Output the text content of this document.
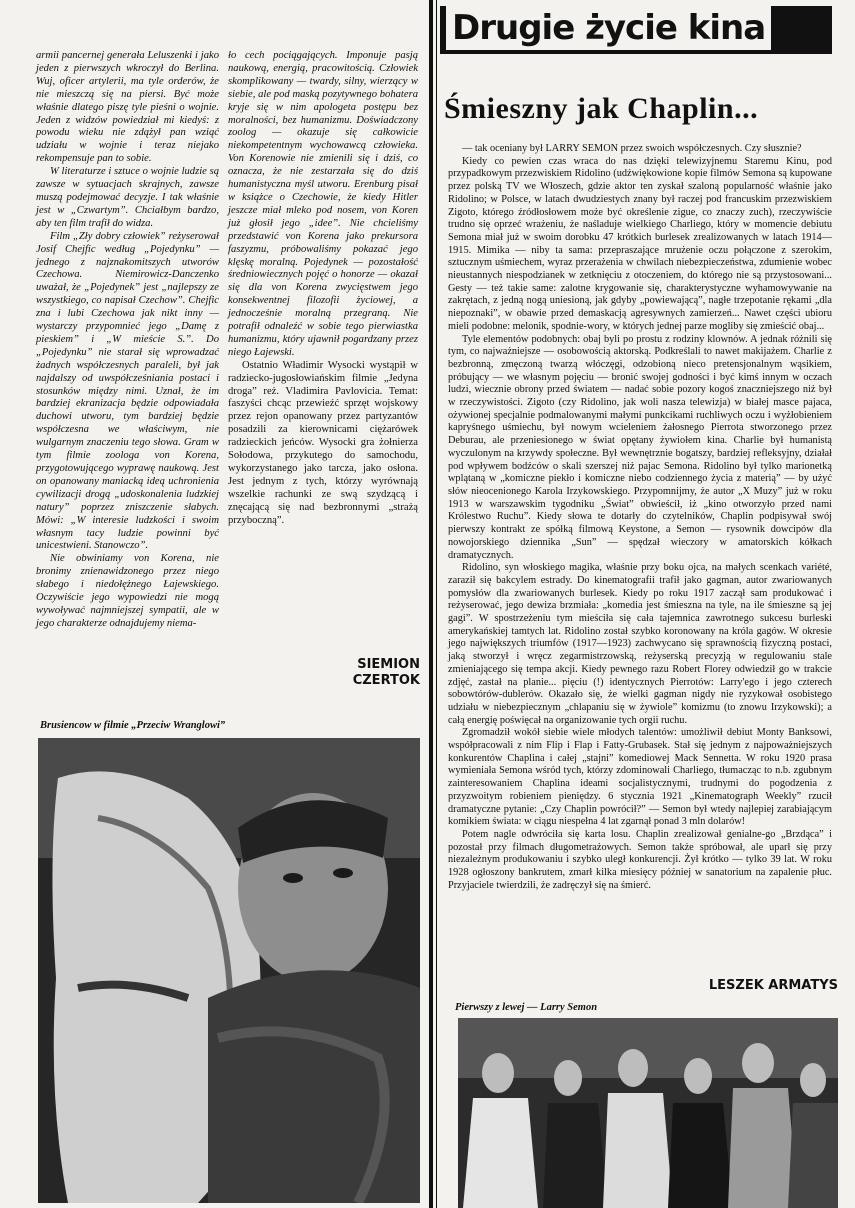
armii pancernej generała Leluszenki i jako jeden z pierwszych wkroczył do Berlina. Wuj, oficer artylerii, ma tyle orderów, że nie mieszczą się na piersi. Być może właśnie dlatego piszę tyle pieśni o wojnie. Jeden z widzów powiedział mi kiedyś: z powodu wieku nie zdążył pan wziąć udziału w wojnie i teraz niejako rekompensuje pan to sobie.

W literaturze i sztuce o wojnie ludzie są zawsze w sytuacjach skrajnych, zawsze muszą podejmować decyzje. I tak właśnie jest w „Czwartym”. Chciałbym bardzo, aby ten film trafił do widza.

Film „Zły dobry człowiek” reżyserował Josif Chejfic według „Pojedynku” — jednego z najznakomitszych utworów Czechowa. Niemirowicz-Danczenko uważał, że „Pojedynek” jest „najlepszy ze wszystkiego, co napisał Czechow”. Chejfic zna i lubi Czechowa jak nikt inny — wystarczy przypomnieć jego „Damę z pieskiem” i „W mieście S.”. Do „Pojedynku” nie starał się wprowadzać żadnych współczesnych paraleli, był jak najdalszy od uwspółcześniania postaci i stosunków między nimi. Uznał, że im bardziej ekranizacja będzie odpowiadała duchowi utworu, tym bardziej będzie współczesna we właściwym, nie wulgarnym znaczeniu tego słowa. Gram w tym filmie zoologa von Korena, przygotowującego wyprawę naukową. Jest on opanowany maniacką ideą uchronienia cywilizacji drogą „udoskonalenia ludzkiej natury” poprzez zniszczenie słabych. Mówi: „W interesie ludzkości i swoim własnym tacy ludzie powinni być unicestwieni. Stanowczo”.

Nie obwiniamy von Korena, nie bronimy znienawidzonego przez niego słabego i niedołężnego Łajewskiego. Oczywiście jego wypowiedzi nie mogą wywoływać najmniejszej sympatii, ale w jego charakterze odnajdujemy niema-

ło cech pociągających. Imponuje pasją naukową, energią, pracowitością. Człowiek skomplikowany — twardy, silny, wierzący w siebie, ale pod maską pozytywnego bohatera kryje się w nim apologeta postępu bez moralności, bez humanizmu. Doświadczony zoolog — okazuje się całkowicie niekompetentnym wychowawcą człowieka. Von Korenowie nie zmienili się i dziś, co oznacza, że nie zestarzała się do dziś humanistyczna myśl utworu. Erenburg pisał w książce o Czechowie, że kiedy Hitler jeszcze miał mleko pod nosem, von Koren już głosił jego „idee”. Nie chcieliśmy przedstawić von Korena jako prekursora faszyzmu, próbowaliśmy pokazać jego klęskę moralną. Pojedynek — pozostałość średniowiecznych pojęć o honorze — okazał się dla von Korena zwycięstwem jego konsekwentnej filozofii życiowej, a jednocześnie moralną przegraną. Nie potrafił odnaleźć w sobie tego pierwiastka humanizmu, który ujawnił pogardzany przez niego Łajewski.

Ostatnio Władimir Wysocki wystąpił w radziecko-jugosłowiańskim filmie „Jedyna droga” reż. Vladimira Pavlovicia. Temat: faszyści chcąc przewieźć sprzęt wojskowy przez rejon opanowany przez partyzantów posadzili za kierownicami ciężarówek radzieckich jeńców. Wysocki gra żołnierza Sołodowa, przykutego do samochodu, wykorzystanego jako tarcza, jako osłona. Jest jednym z tych, którzy wyrównają wszelkie rachunki ze swą szydzącą i znęcającą się nad bezbronnymi „strażą przyboczną”.

SIEMION
CZERTOK
Brusiencow w filmie „Przeciw Wranglowi”
Drugie życie kina
Śmieszny jak Chaplin...

— tak oceniany był LARRY SEMON przez swoich współczesnych. Czy słusznie?

Kiedy co pewien czas wraca do nas dzięki telewizyjnemu Staremu Kinu, pod przypadkowym przezwiskiem Ridolino (udźwiękowione kopie filmów Semona są kupowane przez polską TV we Włoszech, gdzie aktor ten zyskał szaloną popularność właśnie jako Ridolino; w Polsce, w latach dwudziestych znany był raczej pod francuskim przezwiskiem Zigoto, którego źródłosłowem może być określenie zigue, co znaczy zuch), rzeczywiście trudno się oprzeć wrażeniu, że naśladuje wielkiego Charliego, który w momencie debiutu Semona miał już w swoim dorobku 47 krótkich burlesek zrealizowanych w latach 1914—1915. Mimika — niby ta sama: przepraszające mrużenie oczu połączone z szerokim, sztucznym uśmiechem, wyraz przerażenia w chwilach niebezpieczeństwa, zdumienie wobec nieustannych niespodzianek w zetknięciu z otoczeniem, do którego nie są przystosowani... Gesty — też takie same: zalotne krygowanie się, charakterystyczne wyhamowywanie na zakrętach, z jedną nogą uniesioną, jak gdyby „powiewającą”, nagłe trzepotanie rękami „dla niepoznaki”, w obawie przed demaskacją agresywnych zamierzeń... Nawet części ubioru mieli podobne: melonik, spodnie-wory, w których jednej parze mogliby się zmieścić obaj...

Tyle elementów podobnych: obaj byli po prostu z rodziny klownów. A jednak różnili się tym, co najważniejsze — osobowością aktorską. Podkreślali to nawet makijażem. Charlie z bezbronną, zmęczoną twarzą włóczęgi, odzobioną nieco pretensjonalnym wąsikiem, próbujący — we własnym pojęciu — bronić swojej godności i być kimś innym w oczach ludzi, wiecznie obrony przed światem — nadać sobie pozory kogoś znaczniejszego niż był w rzeczywistości. Zigoto (czy Ridolino, jak woli nasza telewizja) w białej masce pajaca, ożywionej specjalnie podmalowanymi małymi punkcikami ruchliwych oczu i wyżłobieniem kapryśnego uśmiechu, był nowym wcieleniem żałosnego Pierrota stworzonego przez Deburau, ale przeniesionego w świat opętany żywiołem kina. Charlie był humanistą wyczulonym na krzywdy społeczne. Był wewnętrznie bogatszy, bardziej refleksyjny, działał pod wpływem bodźców o skali szerszej niż pajac Semona. Ridolino był tylko marionetką wplątaną w „komiczne piekło i komiczne niebo codziennego życia z materią” — by użyć słów nieocenionego Karola Irzykowskiego. Przypomnijmy, że autor „X Muzy” już w roku 1913 w warszawskim tygodniku „Świat” obwieścił, iż „kino otworzyło przed nami Królestwo Ruchu”. Kiedy słowa te dotarły do czytelników, Chaplin podpisywał swój pierwszy kontrakt ze spółką filmową Keystone, a Semon — rysownik dowcipów dla nowojorskiego dziennika „Sun” — spędzał wieczory w amatorskich kółkach dramatycznych.

Ridolino, syn włoskiego magika, właśnie przy boku ojca, na małych scenkach variété, zaraził się bakcylem estrady. Do kinematografii trafił jako gagman, autor zwariowanych pomysłów dla zwariowanych burlesek. Kiedy po roku 1917 zaczął sam produkować i reżyserować, jego dewiza brzmiała: „komedia jest śmieszna na tyle, na ile śmieszne są jej gagi”. W spostrzeżeniu tym mieściła się cała tajemnica zawrotnego sukcesu burleski amerykańskiej tamtych lat. Ridolino został szybko koronowany na króla gagów. W okresie jego największych triumfów (1917—1923) zachwycano się sprawnością fizyczną postaci, jaką stworzył i wręcz zegarmistrzowską, reżyserską precyzją w regulowaniu stale zmieniającego się tempa akcji. Kiedy pewnego razu Robert Florey odwiedził go w trakcie zdjęć, zastał na planie... pięciu (!) identycznych Pierrotów: Larry'ego i jego czterech sobowtórów-dublerów. Okazało się, że wielki gagman nigdy nie ryzykował osobistego udziału w niebezpiecznym „chlapaniu się w żywiole” komizmu (to znowu Irzykowski); a całą energię poświęcał na organizowanie tych orgii ruchu.

Zgromadził wokół siebie wiele młodych talentów: umożliwił debiut Monty Banksowi, współpracowali z nim Flip i Flap i Fatty-Grubasek. Stał się jednym z najpoważniejszych konkurentów Chaplina i całej „stajni” komediowej Mack Sennetta. W roku 1920 prasa wymieniała Semona wśród tych, którzy zdominowali Charliego, tłumacząc to n.b. zgubnym zainteresowaniem Chaplina ideami socjalistycznymi, trudnymi do pogodzenia z przyzwoitym robieniem pieniędzy. 6 stycznia 1921 „Kinematograph Weekly” rzucił dramatyczne pytanie: „Czy Chaplin powrócił?” — Semon był wtedy najlepiej zarabiającym komikiem świata: w ciągu niespełna 4 lat zgarnął ponad 3 mln dolarów!

Potem nagle odwróciła się karta losu. Chaplin zrealizował genialne-go „Brzdąca” i pozostał przy filmach długometrażowych. Semon także spróbował, ale uparł się przy niezależnym produkowaniu i szybko uległ konkurencji. Żył krótko — tylko 39 lat. W roku 1928 ogłoszony bankrutem, zmarł kilka miesięcy później w sanatorium na zapalenie płuc. Przyjaciele twierdzili, że zadręczył się na śmierć.

LESZEK ARMATYS
Pierwszy z lewej — Larry Semon
